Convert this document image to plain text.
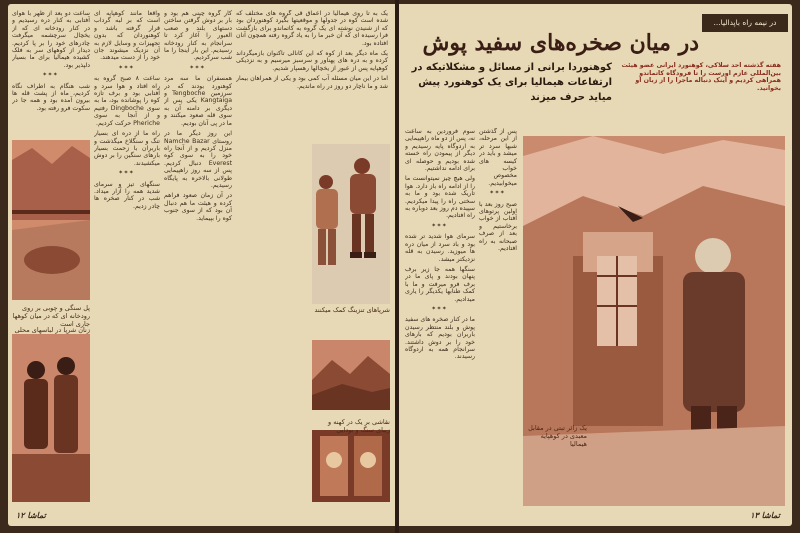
یک به تا روی هیمالیا در اعماق قی گروه های مختلف که شده است کوه در جدولها و موقعیتها بگیرد کوهنوردان بود که از شنیدن نوشته ای یک گروه به کاتماندو برای بازگشت فرا رسیده ای که آن خبر ما را به یاد گروه رفته همچون آنان افتاده بود.

یک ماه دیگر بعد از کوه که این کانالی تاکنوان بازمیگرداند کرده و به دره های پهناور و سرسبز میرسیم و به نزدیکی کوهپایه پس از عبور از یخچالها رهسپار شدیم.

اما در این میان مسئله آب کمی بود و یکی از همراهان بیمار شد و ما ناچار دو روز در راه ماندیم.

کار گروه چینی هم بود و بار بر دوش گرفتن ساختن دستهای بلند و صعب العبور را آغاز کرد تا سرانجام به کنار رودخانه رسیدیم. این بار اینجا را ما شب سرکردیم.

***

همسفران ما سه مرد کوهنورد بودند که در سرزمین Tengboche و Kangtaiga یکی پس از دیگری بر دامنه آن به سوی قله صعود میکنند و ما در پی آنان بودیم.

این روز دیگر ما در روستای Namche Bazar منزل کردیم و از آنجا راه خود را به سوی کوه Everest دنبال کردیم. پس از سه روز راهپیمایی طولانی بالاخره به پایگاه رسیدیم.

در آن زمان صعود فراهم کرده و هیئت ما هم دنبال آن بود که از سوی جنوب کوه را بپیماید.

واقعاً مانند کوهپایه ای است که بر لبه گرداب قرار گرفته باشد و کوهنوردان که بدون تجهیزات و وسایل لازم به آن نزدیک میشوند جان خود را از دست میدهند.

***

ساعت ۸ صبح گروه به راه افتاد و هوا سرد و آفتابی بود و برف تازه کوه را پوشانده بود، ما به سوی Dingboche رفتیم و از آنجا به سوی Pheriche حرکت کردیم.

راه ما از دره ای بسیار تنگ و سنگلاخ میگذشت و باربران با زحمت بسیار بارهای سنگین را بر دوش میکشیدند.

***

سنگهای تیز و سرمای شدید همه را آزار میداد. شب در کنار صخره ها چادر زدیم.

ساعت دو بعد از ظهر با هوای آفتابی به کنار دره رسیدیم و در کنار رودخانه ای که از یخچال سرچشمه میگرفت چادرهای خود را بر پا کردیم. دیدار از کوههای سر به فلک کشیده هیمالیا برای ما بسیار دلپذیر بود.

***

شب هنگام به اطراف نگاه کردیم، ماه از پشت قله ها بیرون آمده بود و همه جا در سکوت فرو رفته بود.

شرپاهای تنزینگ کمک میکنند
نقاشی بر یک در کهنه و زیبای سنگ و بودایی
پل سنگی و چوبی بر روی رودخانه ای که در میان کوهها جاری است
زنان شرپا در لباسهای محلی
تماشا ۱۲
در نیمه راه باپدالیا...
در میان صخره‌های سفید پوش
کوهنوردا برانی از مسائل و مشکلاتیکه در ارتفاعات هیمالیا برای یک کوهنورد پیش میاید حرف میزند
هفته گذشته احد سلاکی، کوهنورد ایرانی عضو هیئت بین‌المللی عازم اورست را تا فرودگاه کاتماندو همراهی کردیم و اینک دنباله ماجرا را از زبان او بخوانید.

سوم فروردین به ساعت نه، پس از دو ماه راهپیمایی به اردوگاه پایه رسیدیم و دیگر از پیمودن راه خسته شده بودیم و حوصله ای برای ادامه نداشتیم.

ولی هیچ چیز نمیتوانست ما را از ادامه راه باز دارد. هوا تاریک شده بود و ما به سختی راه را پیدا میکردیم. سپیده دم روز بعد دوباره به راه افتادیم.

***

سرمای هوا شدید تر شده بود و باد سرد از میان دره ها میوزید. رسیدن به قله نزدیکتر میشد.

سنگها همه جا زیر برف پنهان بودند و پای ما در برف فرو میرفت و ما با کمک طنابها یکدیگر را یاری میدادیم.

***

ما در کنار صخره های سفید پوش و بلند منتظر رسیدن باربران بودیم که بارهای خود را بر دوش داشتند. سرانجام همه به اردوگاه رسیدند.

پس از گذشتن از این مرحله، شبها سرد تر میشد و باید در کیسه های خواب مخصوص میخوابیدیم.

***

صبح روز بعد با اولین پرتوهای آفتاب از خواب برخاستیم و بعد از صرف صبحانه به راه افتادیم.

یک زائر تبتی در مقابل معبدی در کوهپایه هیمالیا
تماشا ۱۳
